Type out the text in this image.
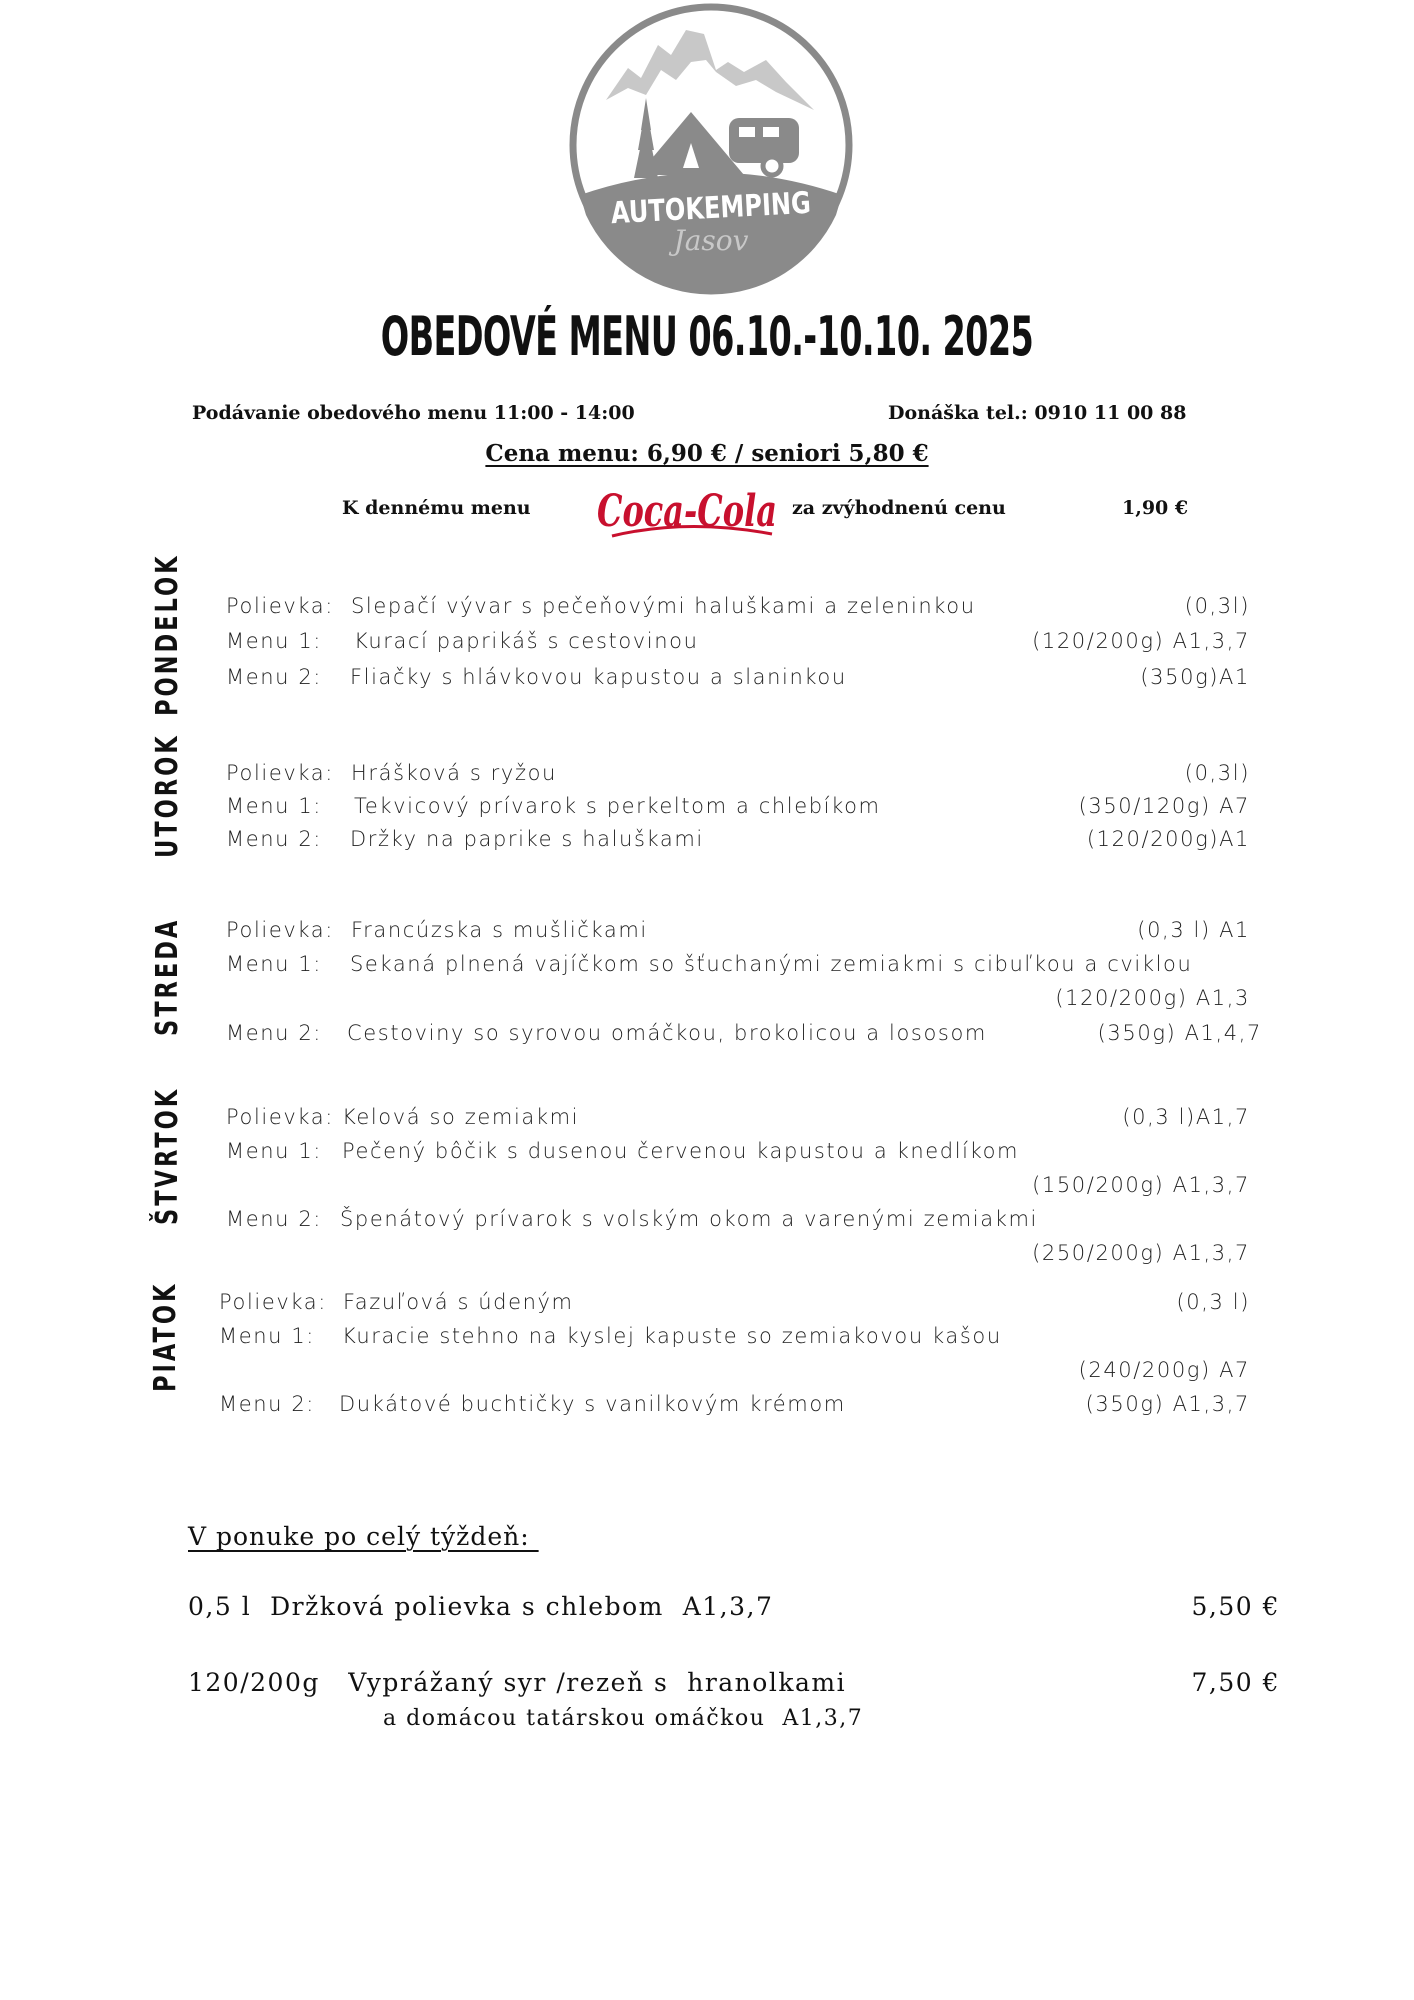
AUTOKEMPING
Jasov
OBEDOVÉ MENU 06.10.-10.10. 2025
Podávanie obedového menu 11:00 - 14:00	Donáška tel.: 0910 11 00 88
Cena menu: 6,90 € / seniori 5,80 €
K dennému menu Coca-Cola za zvýhodnenú cenu	1,90 €
PONDELOK
UTOROK
STREDA
ŠTVRTOK
PIATOK
Polievka: Slepačí vývar s pečeňovými haluškami a zeleninkou	(0,3l)
Menu 1: Kurací paprikáš s cestovinou	(120/200g) A1,3,7
Menu 2: Fliačky s hlávkovou kapustou a slaninkou	(350g)A1
Polievka: Hrášková s ryžou	(0,3l)
Menu 1: Tekvicový prívarok s perkeltom a chlebíkom	(350/120g) A7
Menu 2: Držky na paprike s haluškami	(120/200g)A1
Polievka: Francúzska s mušličkami	(0,3 l) A1
Menu 1: Sekaná plnená vajíčkom so šťuchanými zemiakmi s cibuľkou a cviklou
(120/200g) A1,3
Menu 2: Cestoviny so syrovou omáčkou, brokolicou a lososom	(350g) A1,4,7
Polievka: Kelová so zemiakmi	(0,3 l)A1,7
Menu 1: Pečený bôčik s dusenou červenou kapustou a knedlíkom
(150/200g) A1,3,7
Menu 2: Špenátový prívarok s volským okom a varenými zemiakmi
(250/200g) A1,3,7
Polievka: Fazuľová s údeným	(0,3 l)
Menu 1: Kuracie stehno na kyslej kapuste so zemiakovou kašou
(240/200g) A7
Menu 2: Dukátové buchtičky s vanilkovým krémom	(350g) A1,3,7
V ponuke po celý týždeň:
0,5 l  Držková polievka s chlebom  A1,3,7	5,50 €
120/200g   Vyprážaný syr /rezeň s  hranolkami	7,50 €
a domácou tatárskou omáčkou  A1,3,7
